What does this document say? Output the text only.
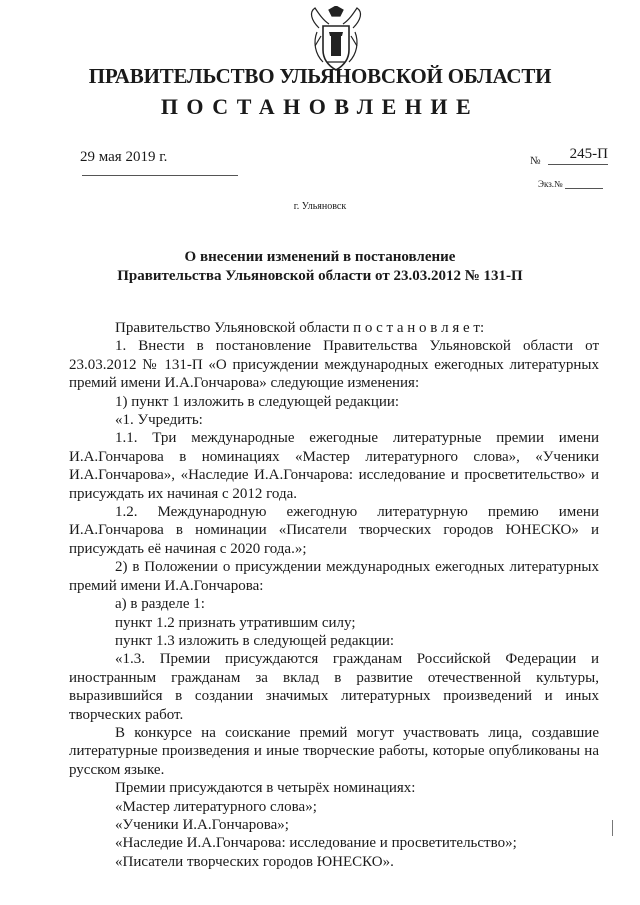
ПРАВИТЕЛЬСТВО УЛЬЯНОВСКОЙ ОБЛАСТИ
ПОСТАНОВЛЕНИЕ
29 мая 2019 г.	№	245-П
Экз.№
г. Ульяновск
О внесении изменений в постановление
Правительства Ульяновской области от 23.03.2012 № 131-П

Правительство Ульяновской области п о с т а н о в л я е т:

1. Внести в постановление Правительства Ульяновской области от 23.03.2012 № 131-П «О присуждении международных ежегодных литературных премий имени И.А.Гончарова» следующие изменения:

1) пункт 1 изложить в следующей редакции:

«1. Учредить:

1.1. Три международные ежегодные литературные премии имени И.А.Гончарова в номинациях «Мастер литературного слова», «Ученики И.А.Гончарова», «Наследие И.А.Гончарова: исследование и просветительство» и присуждать их начиная с 2012 года.

1.2. Международную ежегодную литературную премию имени И.А.Гончарова в номинации «Писатели творческих городов ЮНЕСКО» и присуждать её начиная с 2020 года.»;

2) в Положении о присуждении международных ежегодных литературных премий имени И.А.Гончарова:

а) в разделе 1:

пункт 1.2 признать утратившим силу;

пункт 1.3 изложить в следующей редакции:

«1.3. Премии присуждаются гражданам Российской Федерации и иностранным гражданам за вклад в развитие отечественной культуры, выразившийся в создании значимых литературных произведений и иных творческих работ.

В конкурсе на соискание премий могут участвовать лица, создавшие литературные произведения и иные творческие работы, которые опубликованы на русском языке.

Премии присуждаются в четырёх номинациях:

«Мастер литературного слова»;

«Ученики И.А.Гончарова»;

«Наследие И.А.Гончарова: исследование и просветительство»;

«Писатели творческих городов ЮНЕСКО».
